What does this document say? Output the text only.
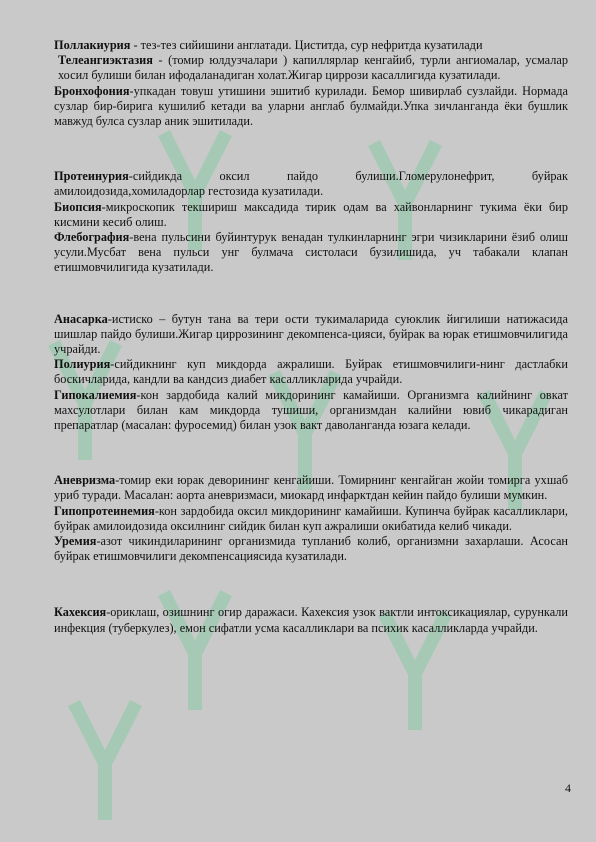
Поллакиурия - тез-тез сийишини англатади. Циститда, сур нефритда кузатилади

Телеангиэктазия - (томир юлдузчалари ) капиллярлар кенгайиб, турли ангиомалар, усмалар хосил булиши билан ифодаланадиган холат.Жигар циррози касаллигида кузатилади.

Бронхофония-упкадан товуш утишини эшитиб курилади. Бемор шивирлаб сузлайди. Нормада сузлар бир-бирига кушилиб кетади ва уларни англаб булмайди.Упка зичланганда ёки бушлик мавжуд булса сузлар аник эшитилади.

Протеинурия-сийдикда оксил пайдо булиши.Гломерулонефрит, буйрак амилоидозида,хомиладорлар гестозида кузатилади.

Биопсия-микроскопик текшириш максадида тирик одам ва хайвонларнинг тукима ёки бир кисмини кесиб олиш.

Флебография-вена пульсини буйинтурук венадан тулкинларнинг эгри чизикларини ёзиб олиш усули.Мусбат вена пульси унг булмача систоласи бузилишида, уч табакали клапан етишмовчилигида кузатилади.

Анасарка-истиско – бутун тана ва тери ости тукималарида суюклик йигилиши натижасида шишлар пайдо булиши.Жигар циррозининг декомпенса-цияси, буйрак ва юрак етишмовчилигида учрайди.

Полиурия-сийдикнинг куп микдорда ажралиши. Буйрак етишмовчилиги-нинг дастлабки боскичларида, кандли ва кандсиз диабет касалликларида учрайди.

Гипокалиемия-кон зардобида калий микдорининг камайиши. Организмга калийнинг овкат махсулотлари билан кам микдорда тушиши, организмдан калийни ювиб чикарадиган препаратлар (масалан: фуросемид) билан узок вакт даволанганда юзага келади.

Аневризма-томир еки юрак деворининг кенгайиши. Томирнинг кенгайган жойи томирга ухшаб уриб туради. Масалан: аорта аневризмаси, миокард инфарктдан кейин пайдо булиши мумкин.

Гипопротеинемия-кон зардобида оксил микдорининг камайиши. Купинча буйрак касалликлари, буйрак амилоидозида оксилнинг сийдик билан куп ажралиши окибатида келиб чикади.

Уремия-азот чикиндиларининг организмида тупланиб колиб, организмни захарлаши. Асосан буйрак етишмовчилиги декомпенсациясида кузатилади.

Кахексия-ориклаш, озишнинг огир даражаси. Кахексия узок вактли интоксикациялар, сурункали инфекция (туберкулез), емон сифатли усма касалликлари ва психик касалликларда учрайди.

4
